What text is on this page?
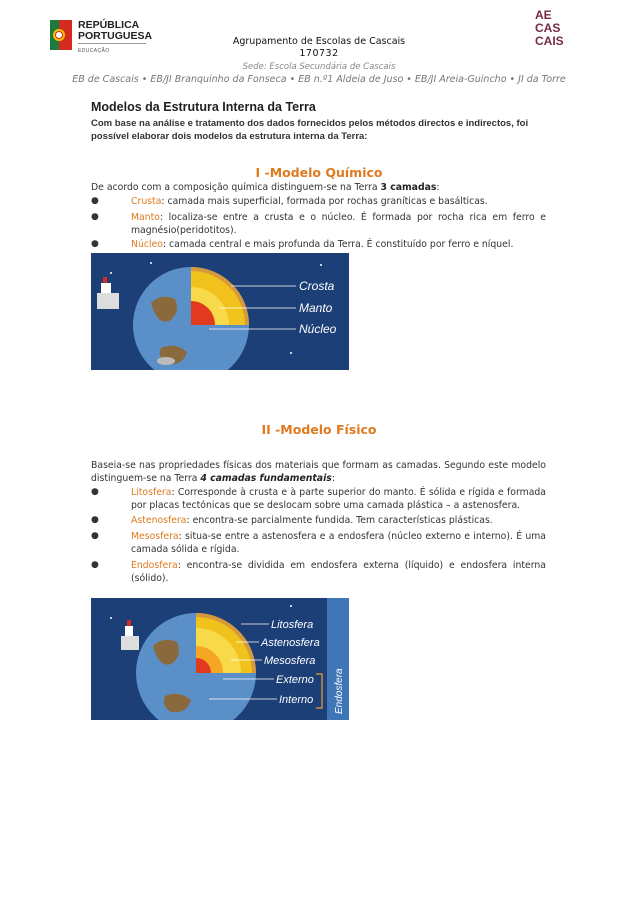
REPÚBLICA
PORTUGUESA
EDUCAÇÃO
AE
CAS
CAIS
Agrupamento de Escolas de Cascais
170732
Sede: Escola Secundária de Cascais
EB de Cascais • EB/JI Branquinho da Fonseca • EB n.º1 Aldeia de Juso • EB/JI Areia-Guincho • JI da Torre
Modelos da Estrutura Interna da Terra
Com base na análise e tratamento dos dados fornecidos pelos métodos directos e indirectos, foi possível elaborar dois modelos da estrutura interna da Terra:
I -Modelo Químico
De acordo com a composição química distinguem-se na Terra 3 camadas:
●	Crusta: camada mais superficial, formada por rochas graníticas e basálticas.
●	Manto: localiza-se entre a crusta e o núcleo. É formada por rocha rica em ferro e magnésio(peridotitos).
●	Núcleo: camada central e mais profunda da Terra. É constituído por ferro e níquel.
Crosta
Manto
Núcleo
II -Modelo Físico
Baseia-se nas propriedades físicas dos materiais que formam as camadas. Segundo este modelo distinguem-se na Terra 4 camadas fundamentais:
●	Litosfera: Corresponde à crusta e à parte superior do manto. É sólida e rígida e formada por placas tectónicas que se deslocam sobre uma camada plástica – a astenosfera.
●	Astenosfera: encontra-se parcialmente fundida. Tem características plásticas.
●	Mesosfera: situa-se entre a astenosfera e a endosfera (núcleo externo e interno). É uma camada sólida e rígida.
●	Endosfera: encontra-se dividida em endosfera externa (líquido) e endosfera interna (sólido).
Litosfera
Astenosfera
Mesosfera
Externo
Interno Endosfera
